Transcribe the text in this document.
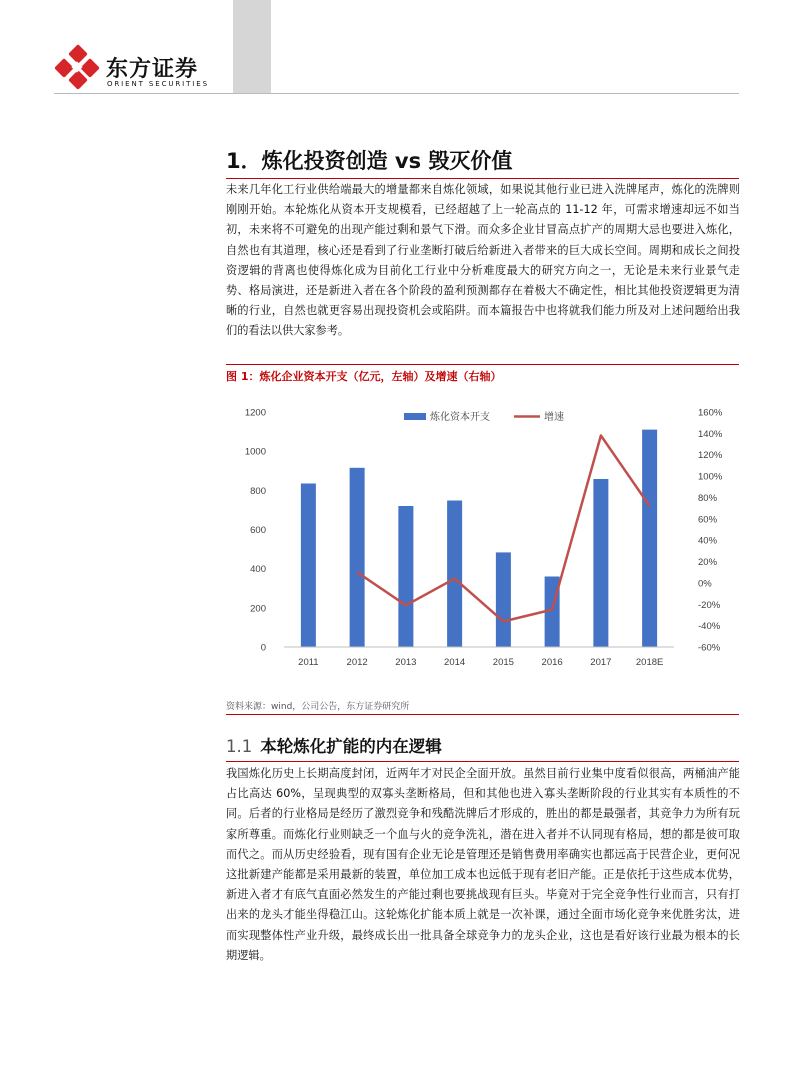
东方证券
ORIENT SECURITIES
1．炼化投资创造 vs 毁灭价值
未来几年化工行业供给端最大的增量都来自炼化领域，如果说其他行业已进入洗牌尾声，炼化的洗牌则刚刚开始。本轮炼化从资本开支规模看，已经超越了上一轮高点的 11-12 年，可需求增速却远不如当初，未来将不可避免的出现产能过剩和景气下滑。而众多企业甘冒高点扩产的周期大忌也要进入炼化，自然也有其道理，核心还是看到了行业垄断打破后给新进入者带来的巨大成长空间。周期和成长之间投资逻辑的背离也使得炼化成为目前化工行业中分析难度最大的研究方向之一，无论是未来行业景气走势、格局演进，还是新进入者在各个阶段的盈利预测都存在着极大不确定性，相比其他投资逻辑更为清晰的行业，自然也就更容易出现投资机会或陷阱。而本篇报告中也将就我们能力所及对上述问题给出我们的看法以供大家参考。
图 1：炼化企业资本开支（亿元，左轴）及增速（右轴）
0
200
400
600
800
1000
1200
-60%
-40%
-20%
0%
20%
40%
60%
80%
100%
120%
140%
160%
2011	2012	2013	2014	2015	2016	2017	2018E
炼化资本开支	增速
资料来源：wind，公司公告，东方证券研究所
1.1 本轮炼化扩能的内在逻辑
我国炼化历史上长期高度封闭，近两年才对民企全面开放。虽然目前行业集中度看似很高，两桶油产能占比高达 60%，呈现典型的双寡头垄断格局，但和其他也进入寡头垄断阶段的行业其实有本质性的不同。后者的行业格局是经历了激烈竞争和残酷洗牌后才形成的，胜出的都是最强者，其竞争力为所有玩家所尊重。而炼化行业则缺乏一个血与火的竞争洗礼，潜在进入者并不认同现有格局，想的都是彼可取而代之。而从历史经验看，现有国有企业无论是管理还是销售费用率确实也都远高于民营企业，更何况这批新建产能都是采用最新的装置，单位加工成本也远低于现有老旧产能。正是依托于这些成本优势，新进入者才有底气直面必然发生的产能过剩也要挑战现有巨头。毕竟对于完全竞争性行业而言，只有打出来的龙头才能坐得稳江山。这轮炼化扩能本质上就是一次补课，通过全面市场化竞争来优胜劣汰，进而实现整体性产业升级，最终成长出一批具备全球竞争力的龙头企业，这也是看好该行业最为根本的长期逻辑。
